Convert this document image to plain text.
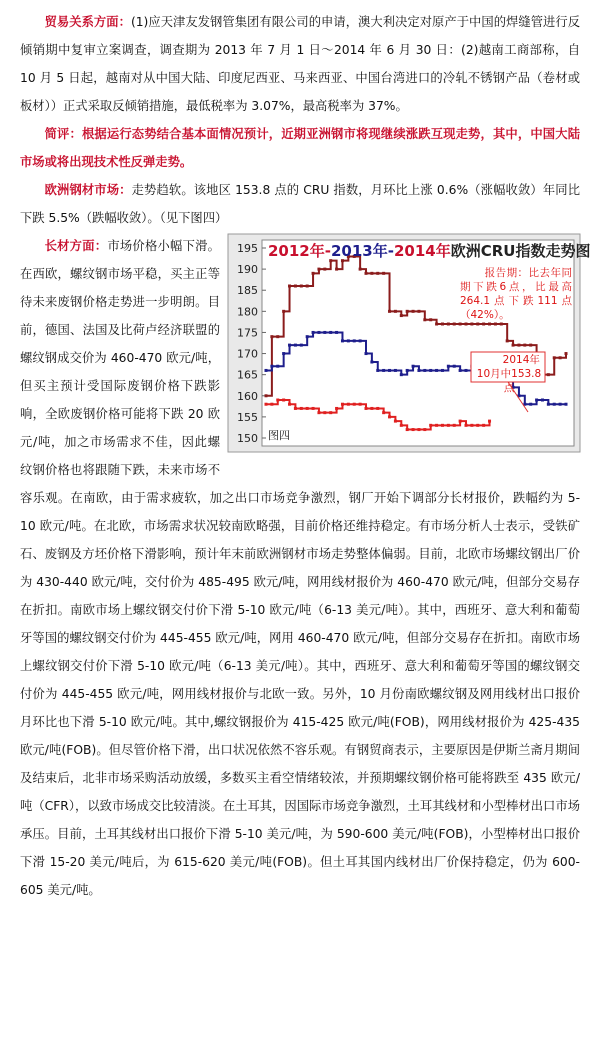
贸易关系方面：(1)应天津友发钢管集团有限公司的申请，澳大利决定对原产于中国的焊缝管进行反倾销期中复审立案调查，调查期为 2013 年 7 月 1 日～2014 年 6 月 30 日：(2)越南工商部称，自 10 月 5 日起，越南对从中国大陆、印度尼西亚、马来西亚、中国台湾进口的冷轧不锈钢产品（卷材或板材））正式采取反倾销措施，最低税率为 3.07%，最高税率为 37%。

简评：根据运行态势结合基本面情况预计，近期亚洲钢市将现继续涨跌互现走势，其中，中国大陆市场或将出现技术性反弹走势。

欧洲钢材市场：走势趋软。该地区 153.8 点的 CRU 指数，月环比上涨 0.6%（涨幅收敛）年同比下跌 5.5%（跌幅收敛）。（见下图四）

150
155
160
165
170
175
180
185
190
195 2012年-2013年-2014年欧洲CRU指数走势图
报告期：比去年同期下跌6点，比最高264.1点下跌111点（42%）。
2014年10月中153.8点
图四
长材方面：市场价格小幅下滑。在西欧，螺纹钢市场平稳，买主正等待未来废钢价格走势进一步明朗。目前，德国、法国及比荷卢经济联盟的螺纹钢成交价为 460-470 欧元/吨，但买主预计受国际废钢价格下跌影响，全欧废钢价格可能将下跌 20 欧元/吨，加之市场需求不佳，因此螺纹钢价格也将跟随下跌，未来市场不容乐观。在南欧，由于需求疲软，加之出口市场竞争激烈，钢厂开始下调部分长材报价，跌幅约为 5-10 欧元/吨。在北欧，市场需求状况较南欧略强，目前价格还维持稳定。有市场分析人士表示，受铁矿石、废钢及方坯价格下滑影响，预计年末前欧洲钢材市场走势整体偏弱。目前，北欧市场螺纹钢出厂价为 430-440 欧元/吨，交付价为 485-495 欧元/吨，网用线材报价为 460-470 欧元/吨，但部分交易存在折扣。南欧市场上螺纹钢交付价下滑 5-10 欧元/吨（6-13 美元/吨）。其中，西班牙、意大利和葡萄牙等国的螺纹钢交付价为 445-455 欧元/吨，网用 460-470 欧元/吨，但部分交易存在折扣。南欧市场上螺纹钢交付价下滑 5-10 欧元/吨（6-13 美元/吨）。其中，西班牙、意大利和葡萄牙等国的螺纹钢交付价为 445-455 欧元/吨，网用线材报价与北欧一致。另外，10 月份南欧螺纹钢及网用线材出口报价月环比也下滑 5-10 欧元/吨。其中,螺纹钢报价为 415-425 欧元/吨(FOB)，网用线材报价为 425-435 欧元/吨(FOB)。但尽管价格下滑，出口状况依然不容乐观。有钢贸商表示，主要原因是伊斯兰斋月期间及结束后，北非市场采购活动放缓，多数买主看空情绪较浓，并预期螺纹钢价格可能将跌至 435 欧元/吨（CFR），以致市场成交比较清淡。在土耳其，因国际市场竞争激烈，土耳其线材和小型棒材出口市场承压。目前，土耳其线材出口报价下滑 5-10 美元/吨，为 590-600 美元/吨(FOB)，小型棒材出口报价下滑 15-20 美元/吨后，为 615-620 美元/吨(FOB)。但土耳其国内线材出厂价保持稳定，仍为 600-605 美元/吨。
